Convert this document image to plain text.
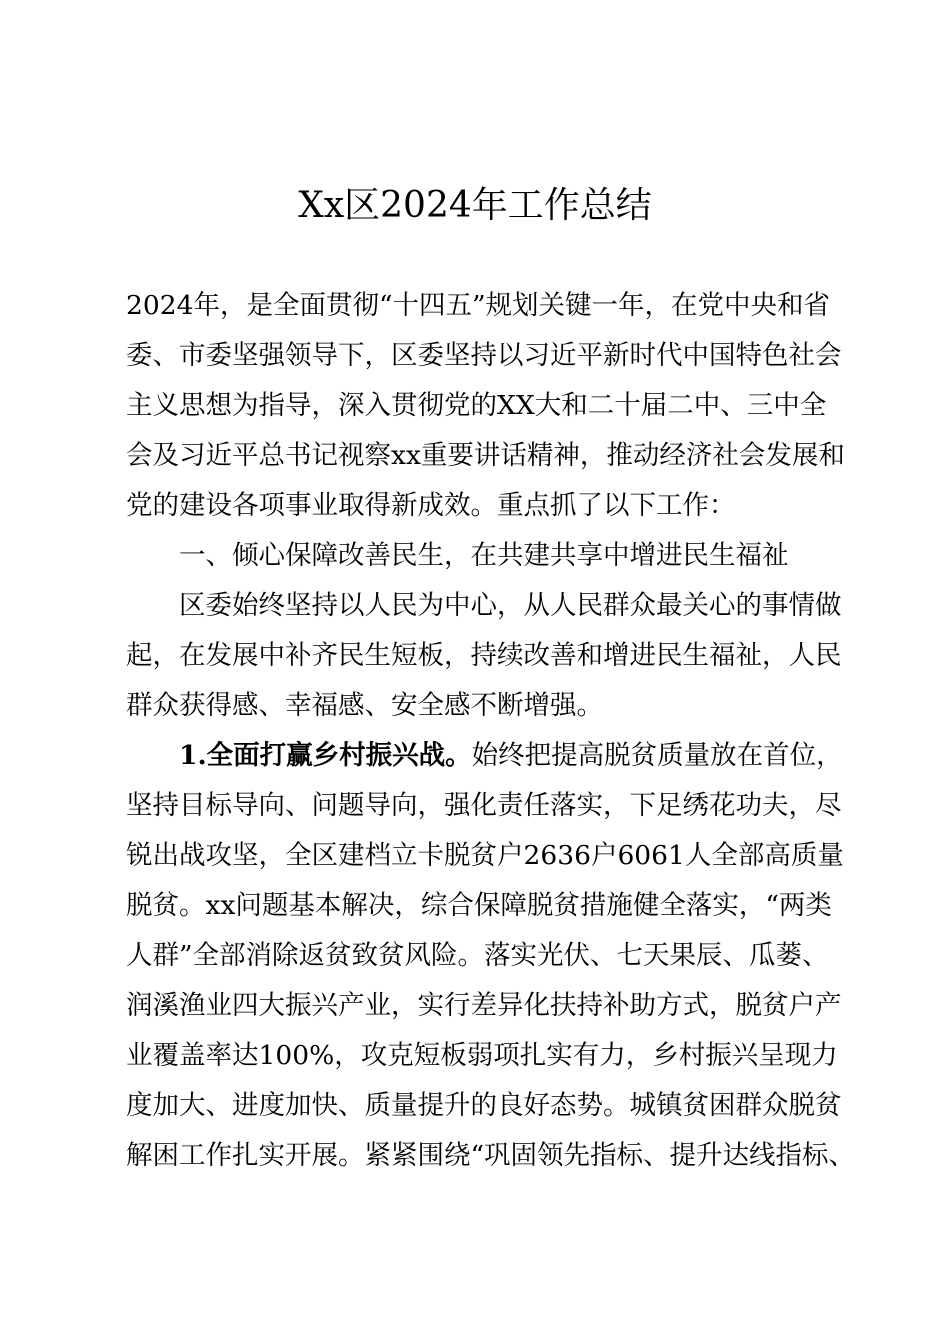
Xx区2024年工作总结
2024年，是全面贯彻“十四五”规划关键一年，在党中央和省
委、市委坚强领导下，区委坚持以习近平新时代中国特色社会
主义思想为指导，深入贯彻党的XX大和二十届二中、三中全
会及习近平总书记视察xx重要讲话精神，推动经济社会发展和
党的建设各项事业取得新成效。重点抓了以下工作：
一、倾心保障改善民生，在共建共享中增进民生福祉
区委始终坚持以人民为中心，从人民群众最关心的事情做
起，在发展中补齐民生短板，持续改善和增进民生福祉，人民
群众获得感、幸福感、安全感不断增强。
1.全面打赢乡村振兴战。始终把提高脱贫质量放在首位，
坚持目标导向、问题导向，强化责任落实，下足绣花功夫，尽
锐出战攻坚，全区建档立卡脱贫户2636户6061人全部高质量
脱贫。xx问题基本解决，综合保障脱贫措施健全落实，“两类
人群”全部消除返贫致贫风险。落实光伏、七天果辰、瓜蒌、
润溪渔业四大振兴产业，实行差异化扶持补助方式，脱贫户产
业覆盖率达100%，攻克短板弱项扎实有力，乡村振兴呈现力
度加大、进度加快、质量提升的良好态势。城镇贫困群众脱贫
解困工作扎实开展。紧紧围绕“巩固领先指标、提升达线指标、
